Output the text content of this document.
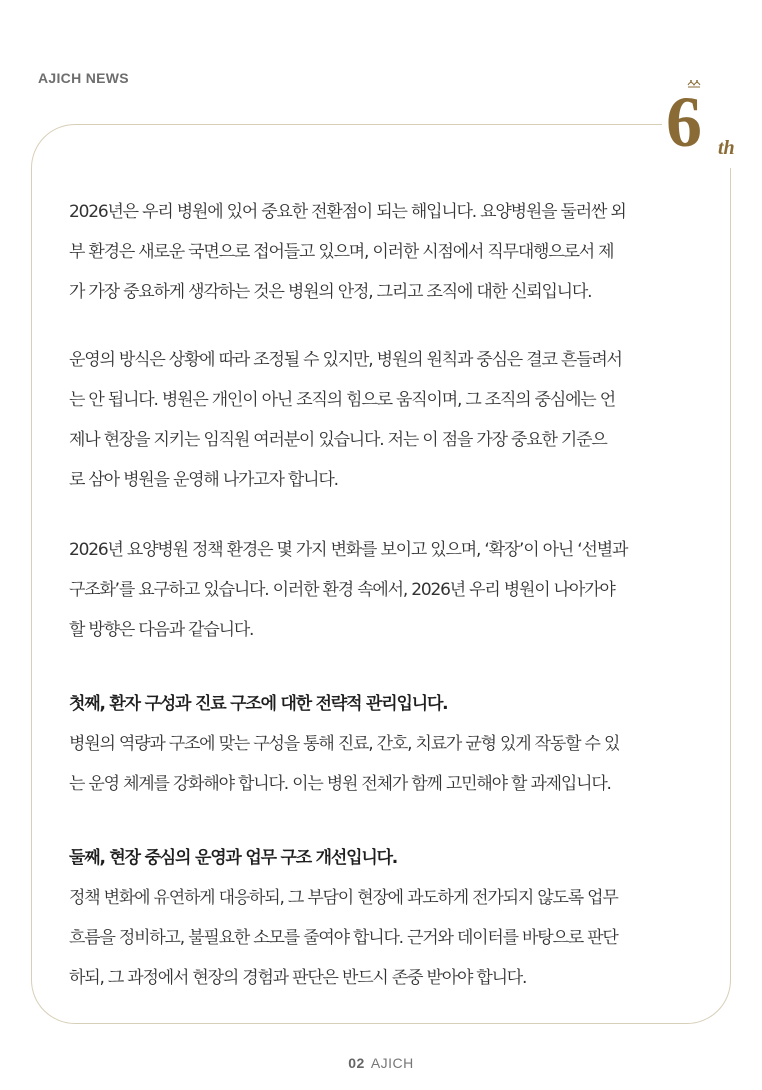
AJICH NEWS
6 th
2026년은 우리 병원에 있어 중요한 전환점이 되는 해입니다. 요양병원을 둘러싼 외
부 환경은 새로운 국면으로 접어들고 있으며, 이러한 시점에서 직무대행으로서 제
가 가장 중요하게 생각하는 것은 병원의 안정, 그리고 조직에 대한 신뢰입니다.
운영의 방식은 상황에 따라 조정될 수 있지만, 병원의 원칙과 중심은 결코 흔들려서
는 안 됩니다. 병원은 개인이 아닌 조직의 힘으로 움직이며, 그 조직의 중심에는 언
제나 현장을 지키는 임직원 여러분이 있습니다. 저는 이 점을 가장 중요한 기준으
로 삼아 병원을 운영해 나가고자 합니다.
2026년 요양병원 정책 환경은 몇 가지 변화를 보이고 있으며, ‘확장’이 아닌 ‘선별과
구조화’를 요구하고 있습니다. 이러한 환경 속에서, 2026년 우리 병원이 나아가야
할 방향은 다음과 같습니다.
첫째, 환자 구성과 진료 구조에 대한 전략적 관리입니다.
병원의 역량과 구조에 맞는 구성을 통해 진료, 간호, 치료가 균형 있게 작동할 수 있
는 운영 체계를 강화해야 합니다. 이는 병원 전체가 함께 고민해야 할 과제입니다.
둘째, 현장 중심의 운영과 업무 구조 개선입니다.
정책 변화에 유연하게 대응하되, 그 부담이 현장에 과도하게 전가되지 않도록 업무
흐름을 정비하고, 불필요한 소모를 줄여야 합니다. 근거와 데이터를 바탕으로 판단
하되, 그 과정에서 현장의 경험과 판단은 반드시 존중 받아야 합니다.
02 AJICH
